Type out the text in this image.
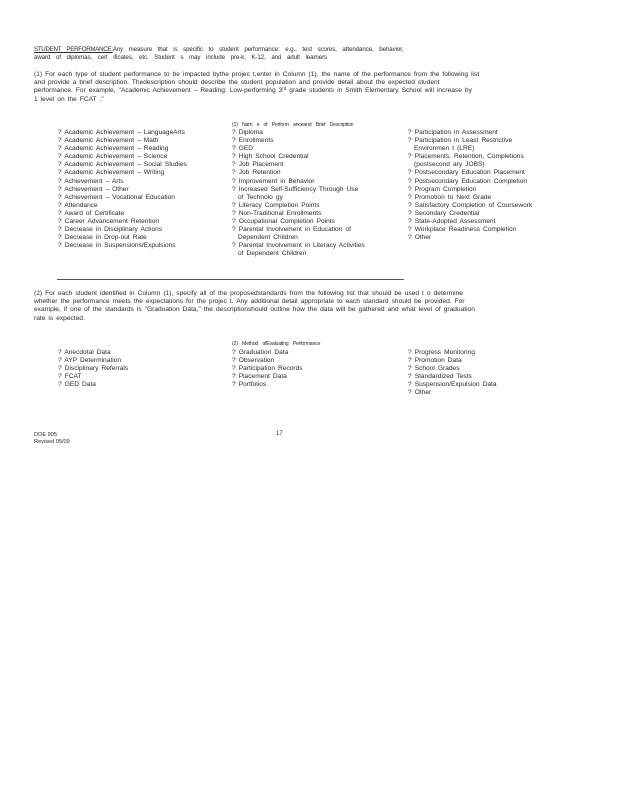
STUDENT PERFORMANCE:Any measure that is specific to student performance: e.g., test scores, attendance, behavior,
award of diplomas, cert ificates, etc. Student s may include pre-k, K-12, and adult learners
(1) For each type of student performance to be impacted bythe projec t,enter in Column (1), the name of the performance from the following list
and provide a brief description. Thedescription should describe the student population and provide detail about the expected student
performance. For example, "Academic Achievement – Reading: Low-performing 3rd grade students in Smith Elementary School will increase by
1 level on the FCAT ."
(1) Nam e of Perform anceand Brief Description
? Academic Achievement – LanguageArts
? Academic Achievement – Math
? Academic Achievement – Reading
? Academic Achievement – Science
? Academic Achievement – Social Studies
? Academic Achievement – Writing
? Achievement – Arts
? Achievement – Other
? Achievement – Vocational Education
? Attendance
? Award of Certificate
? Career Advancement Retention
? Decrease in Disciplinary Actions
? Decrease in Drop-out Rate
? Decrease in Suspensions/Expulsions
? Diploma
? Enrollments
? GED
? High School Credential
? Job Placement
? Job Retention
? Improvement in Behavior
? Increased Self-Sufficiency Through Use
of Technolo gy
? Literacy Completion Points
? Non-Traditional Enrollments
? Occupational Completion Points
? Parental Involvement in Education of
Dependent Children
? Parental Involvement in Literacy Activities
of Dependent Children
? Participation in Assessment
? Participation in Least Restrictive
Environmen t (LRE)
? Placements, Retention, Completions
(postsecond ary JOBS)
? Postsecondary Education Placement
? Postsecondary Education Completion
? Program Completion
? Promotion to Next Grade
? Satisfactory Completion of Coursework
? Secondary Credential
? State-Adopted Assessment
? Workplace Readiness Completion
? Other
(2) For each student identified in Column (1), specify all of the proposedstandards from the following list that should be used t o determine
whether the performance meets the expectations for the projec t. Any additional detail appropriate to each standard should be provided. For
example, if one of the standards is "Graduation Data," the descriptionshould outline how the data will be gathered and what level of graduation
rate is expected.
(2) Method ofEvaluating Performance
? Anecdotal Data
? AYP Determination
? Disciplinary Referrals
? FCAT
? GED Data
? Graduation Data
? Observation
? Participation Records
? Placement Data
? Portfolios
? Progress Monitoring
? Promotion Data
? School Grades
? Standardized Tests
? Suspension/Expulsion Data
? Other
DOE 905
Revised 05/09
17
